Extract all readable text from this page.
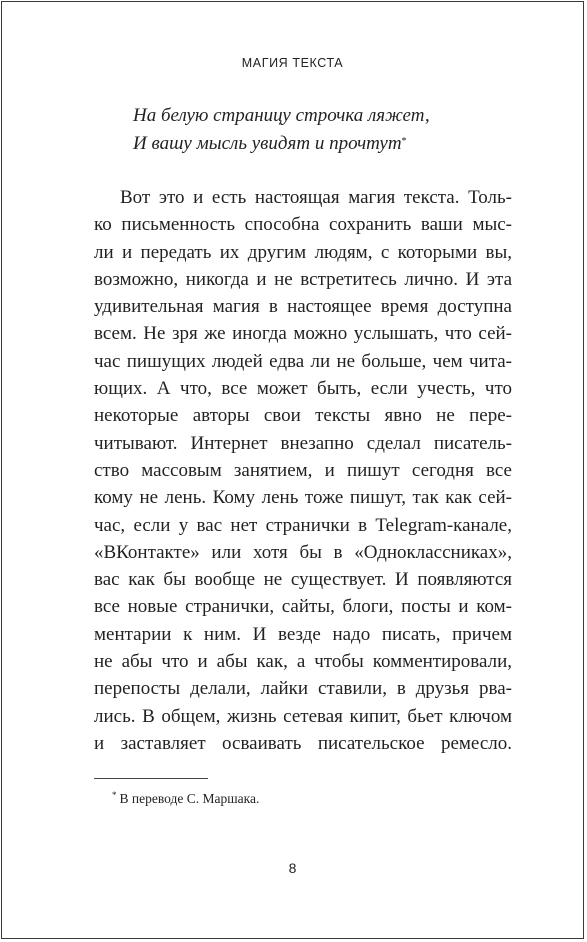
МАГИЯ ТЕКСТА
На белую страницу строчка ляжет,
И вашу мысль увидят и прочтут*
Вот это и есть настоящая магия текста. Толь-
ко письменность способна сохранить ваши мыс-
ли и передать их другим людям, с которыми вы,
возможно, никогда и не встретитесь лично. И эта
удивительная магия в настоящее время доступна
всем. Не зря же иногда можно услышать, что сей-
час пишущих людей едва ли не больше, чем чита-
ющих. А что, все может быть, если учесть, что
некоторые авторы свои тексты явно не пере-
читывают. Интернет внезапно сделал писатель-
ство массовым занятием, и пишут сегодня все
кому не лень. Кому лень тоже пишут, так как сей-
час, если у вас нет странички в Telegram-канале,
«ВКонтакте» или хотя бы в «Одноклассниках»,
вас как бы вообще не существует. И появляются
все новые странички, сайты, блоги, посты и ком-
ментарии к ним. И везде надо писать, причем
не абы что и абы как, а чтобы комментировали,
перепосты делали, лайки ставили, в друзья рва-
лись. В общем, жизнь сетевая кипит, бьет ключом
и заставляет осваивать писательское ремесло.
* В переводе С. Маршака.
8
